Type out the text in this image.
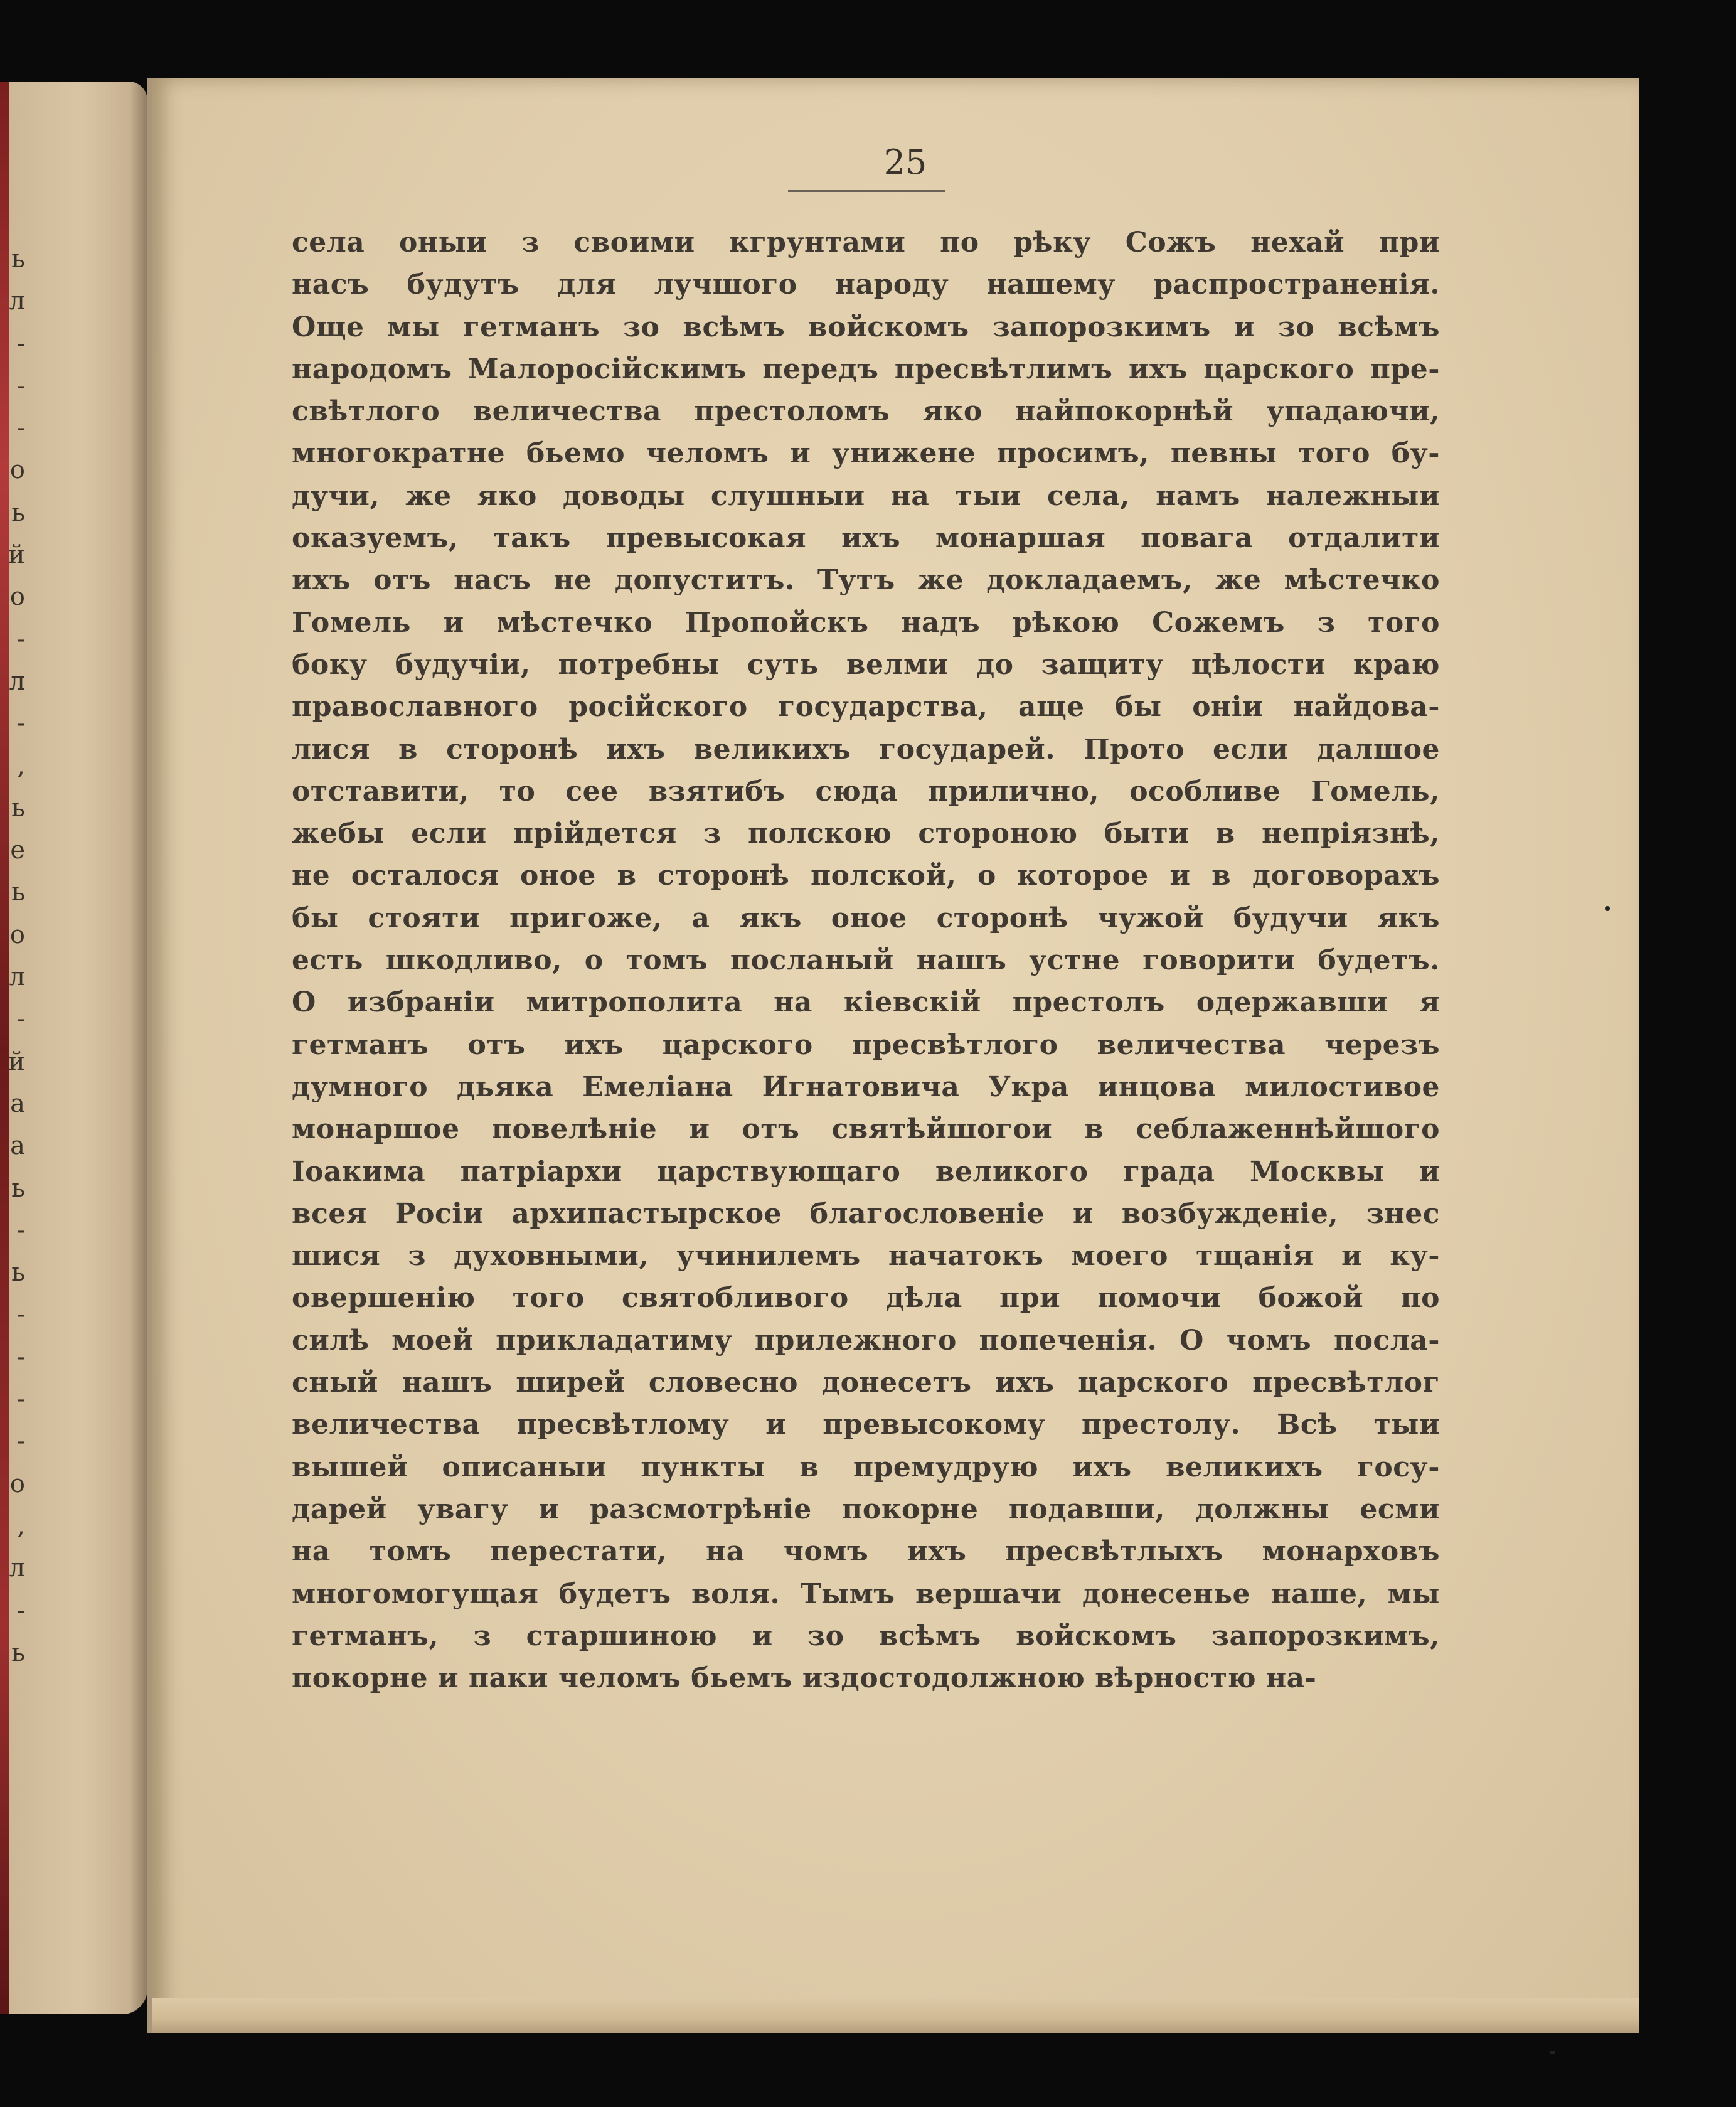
ь
л
-
-
-
о
ь
й
о
-
л
-
,
ь
е
ь
о
л
-
й
а
а
ь
-
ь
-
-
-
-
о
,
л
-
ь
25
села оныи з своими кгрунтами по рѣку Сожъ нехай при
насъ будутъ для лучшого народу нашему распространенія.
Още мы гетманъ зо всѣмъ войскомъ запорозкимъ и зо всѣмъ
народомъ Малоросійскимъ передъ пресвѣтлимъ ихъ царского пре-
свѣтлого величества престоломъ яко найпокорнѣй упадаючи,
многократне бьемо челомъ и унижене просимъ, певны того бу-
дучи, же яко доводы слушныи на тыи села, намъ належныи
оказуемъ, такъ превысокая ихъ монаршая повага отдалити
ихъ отъ насъ не допуститъ. Тутъ же докладаемъ, же мѣстечко
Гомель и мѣстечко Пропойскъ надъ рѣкою Сожемъ з того
боку будучіи, потребны суть велми до защиту цѣлости краю
православного російского государства, аще бы оніи найдова-
лися в сторонѣ ихъ великихъ государей. Прото если далшое
отставити, то сее взятибъ сюда прилично, особливе Гомель,
жебы если прійдется з полскою стороною быти в непріязнѣ,
не осталося оное в сторонѣ полской, о которое и в договорахъ
бы стояти пригоже, а якъ оное сторонѣ чужой будучи якъ
есть шкодливо, о томъ посланый нашъ устне говорити будетъ.
О избраніи митрополита на кіевскій престолъ одержавши я
гетманъ отъ ихъ царского пресвѣтлого величества черезъ
думного дьяка Емеліана Игнатовича Укра инцова милостивое
монаршое повелѣніе и отъ святѣйшогои в себлаженнѣйшого
Іоакима патріархи царствующаго великого града Москвы и
всея Росіи архипастырское благословеніе и возбужденіе, знес
шися з духовными, учинилемъ начатокъ моего тщанія и ку-
овершенію того святобливого дѣла при помочи божой по
силѣ моей прикладатиму прилежного попеченія. О чомъ посла-
сный нашъ ширей словесно донесетъ ихъ царского пресвѣтлог
величества пресвѣтлому и превысокому престолу. Всѣ тыи
вышей описаныи пункты в премудрую ихъ великихъ госу-
дарей увагу и разсмотрѣніе покорне подавши, должны есми
на томъ перестати, на чомъ ихъ пресвѣтлыхъ монарховъ
многомогущая будетъ воля. Тымъ вершачи донесенье наше, мы
гетманъ, з старшиною и зо всѣмъ войскомъ запорозкимъ,
покорне и паки челомъ бьемъ издостодолжною вѣрностю на-
